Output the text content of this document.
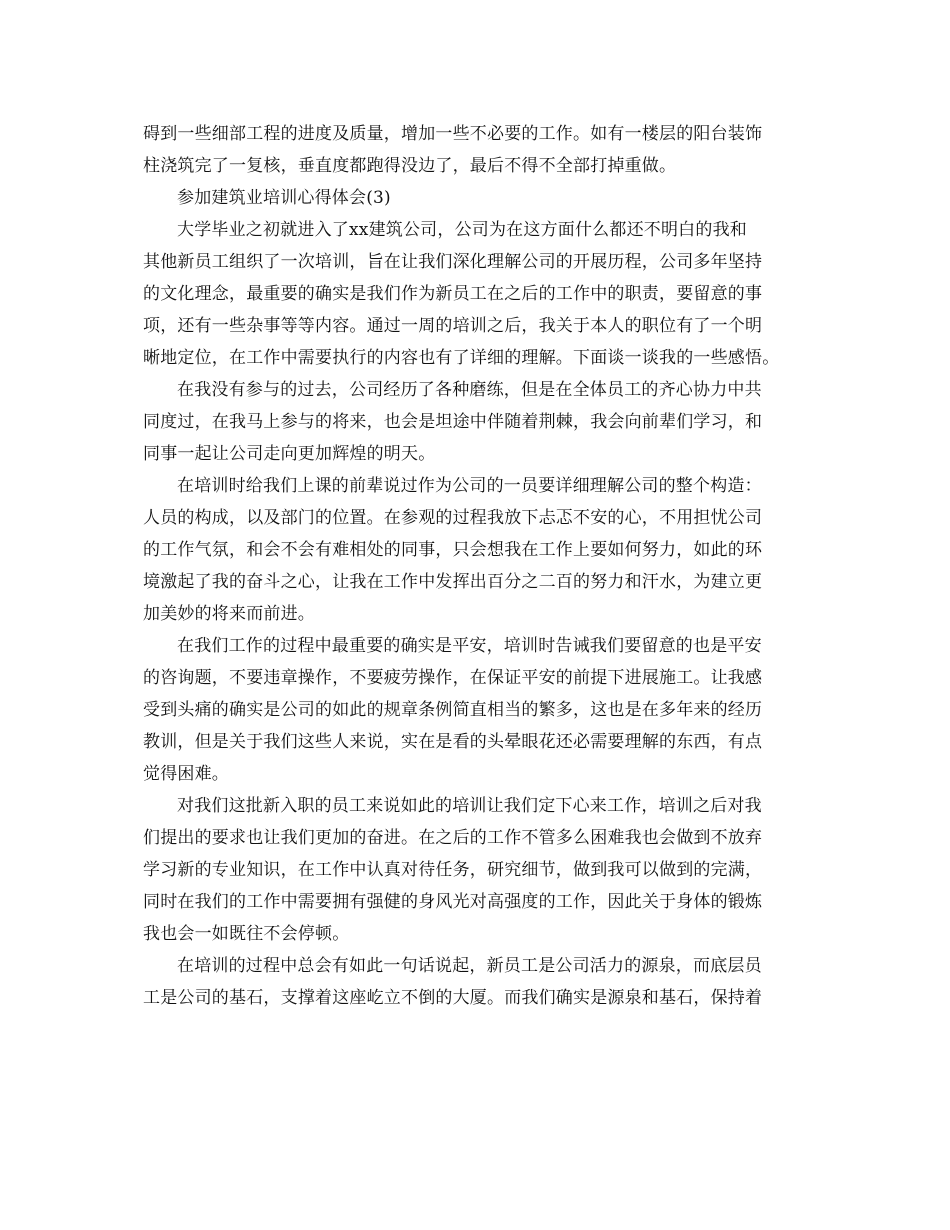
碍到一些细部工程的进度及质量，增加一些不必要的工作。如有一楼层的阳台装饰
柱浇筑完了一复核，垂直度都跑得没边了，最后不得不全部打掉重做。
参加建筑业培训心得体会(3)
大学毕业之初就进入了xx建筑公司，公司为在这方面什么都还不明白的我和
其他新员工组织了一次培训，旨在让我们深化理解公司的开展历程，公司多年坚持
的文化理念，最重要的确实是我们作为新员工在之后的工作中的职责，要留意的事
项，还有一些杂事等等内容。通过一周的培训之后，我关于本人的职位有了一个明
晰地定位，在工作中需要执行的内容也有了详细的理解。下面谈一谈我的一些感悟。
在我没有参与的过去，公司经历了各种磨练，但是在全体员工的齐心协力中共
同度过，在我马上参与的将来，也会是坦途中伴随着荆棘，我会向前辈们学习，和
同事一起让公司走向更加辉煌的明天。
在培训时给我们上课的前辈说过作为公司的一员要详细理解公司的整个构造：
人员的构成，以及部门的位置。在参观的过程我放下忐忑不安的心，不用担忧公司
的工作气氛，和会不会有难相处的同事，只会想我在工作上要如何努力，如此的环
境激起了我的奋斗之心，让我在工作中发挥出百分之二百的努力和汗水，为建立更
加美妙的将来而前进。
在我们工作的过程中最重要的确实是平安，培训时告诫我们要留意的也是平安
的咨询题，不要违章操作，不要疲劳操作，在保证平安的前提下进展施工。让我感
受到头痛的确实是公司的如此的规章条例简直相当的繁多，这也是在多年来的经历
教训，但是关于我们这些人来说，实在是看的头晕眼花还必需要理解的东西，有点
觉得困难。
对我们这批新入职的员工来说如此的培训让我们定下心来工作，培训之后对我
们提出的要求也让我们更加的奋进。在之后的工作不管多么困难我也会做到不放弃
学习新的专业知识，在工作中认真对待任务，研究细节，做到我可以做到的完满，
同时在我们的工作中需要拥有强健的身风光对高强度的工作，因此关于身体的锻炼
我也会一如既往不会停顿。
在培训的过程中总会有如此一句话说起，新员工是公司活力的源泉，而底层员
工是公司的基石，支撑着这座屹立不倒的大厦。而我们确实是源泉和基石，保持着
